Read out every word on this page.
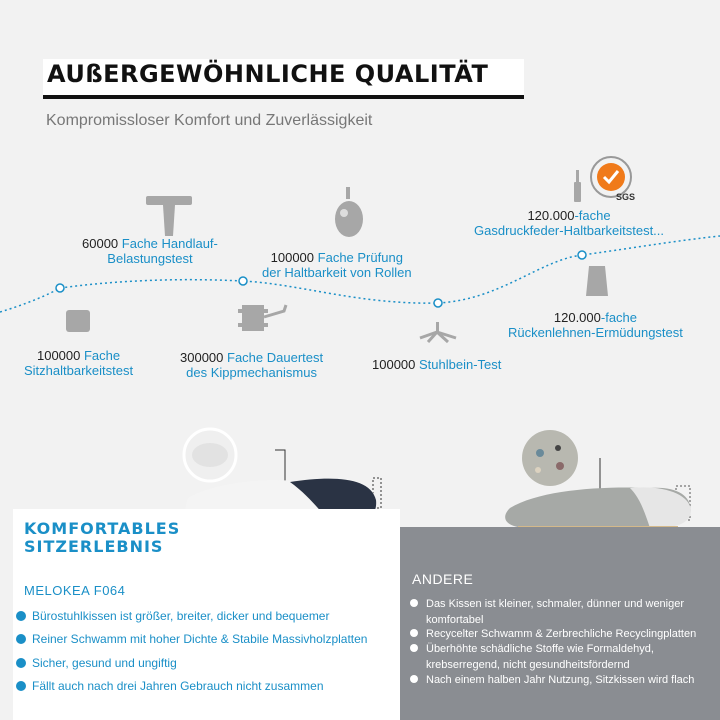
AUßERGEWÖHNLICHE QUALITÄT
Kompromissloser Komfort und Zuverlässigkeit
SGS
60000 Fache Handlauf-
Belastungstest	100000 Fache Prüfung
der Haltbarkeit von Rollen
120.000-fache
Gasdruckfeder-Haltbarkeitstest...
100000 Fache
Sitzhaltbarkeitstest
300000 Fache Dauertest
des Kippmechanismus
100000 Stuhlbein-Test
120.000-fache
Rückenlehnen-Ermüdungstest
KOMFORTABLES
SITZERLEBNIS
MELOKEA F064
Bürostuhlkissen ist größer, breiter, dicker und bequemer
Reiner Schwamm mit hoher Dichte & Stabile Massivholzplatten
Sicher, gesund und ungiftig
Fällt auch nach drei Jahren Gebrauch nicht zusammen
ANDERE
Das Kissen ist kleiner, schmaler, dünner und weniger
komfortabel
Recycelter Schwamm & Zerbrechliche Recyclingplatten
Überhöhte schädliche Stoffe wie Formaldehyd,
krebserregend, nicht gesundheitsfördernd
Nach einem halben Jahr Nutzung, Sitzkissen wird flach
